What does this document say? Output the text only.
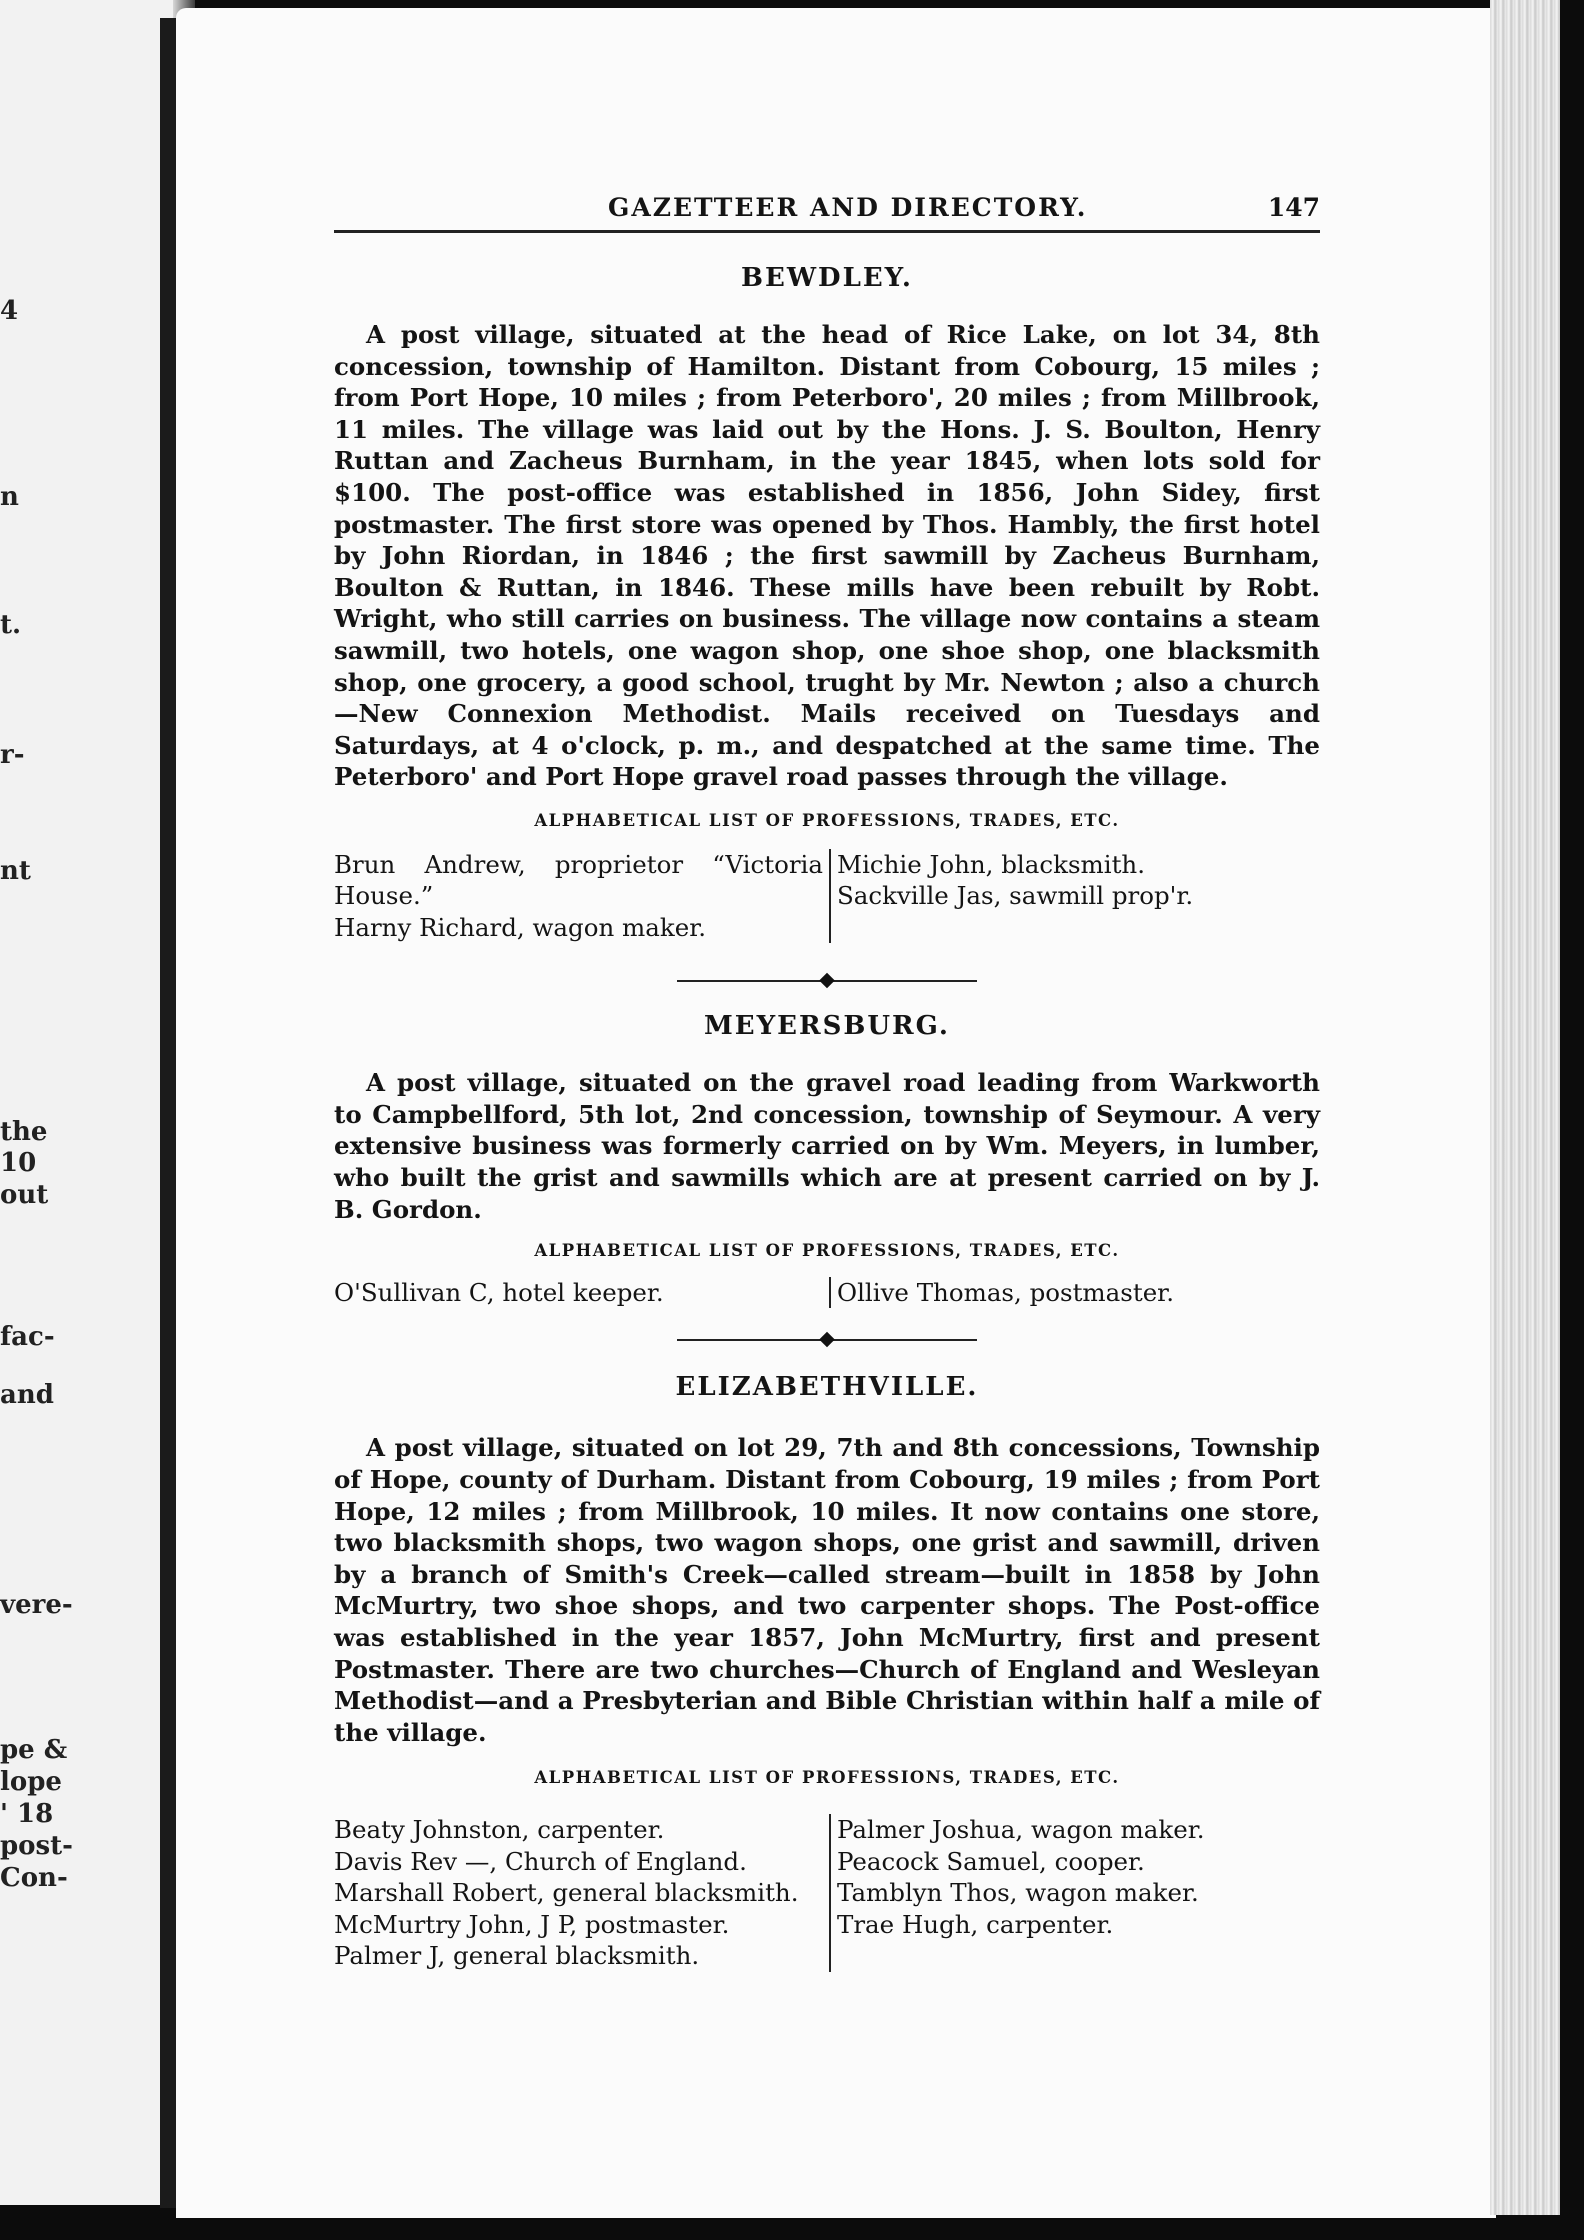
4
n
t.
r-
nt
the
10
out
fac-
and
vere-
pe &
lope
' 18
post-
Con-
GAZETTEER AND DIRECTORY.	147
BEWDLEY.

A post village, situated at the head of Rice Lake, on lot 34, 8th concession, township of Hamilton. Distant from Cobourg, 15 miles ; from Port Hope, 10 miles ; from Peterboro', 20 miles ; from Millbrook, 11 miles. The village was laid out by the Hons. J. S. Boulton, Henry Ruttan and Zacheus Burnham, in the year 1845, when lots sold for $100. The post-office was established in 1856, John Sidey, first postmaster. The first store was opened by Thos. Hambly, the first hotel by John Riordan, in 1846 ; the first sawmill by Zacheus Burnham, Boulton & Ruttan, in 1846. These mills have been rebuilt by Robt. Wright, who still carries on business. The village now contains a steam sawmill, two hotels, one wagon shop, one shoe shop, one blacksmith shop, one grocery, a good school, trught by Mr. Newton ; also a church—New Connexion Methodist. Mails received on Tuesdays and Saturdays, at 4 o'clock, p. m., and despatched at the same time. The Peterboro' and Port Hope gravel road passes through the village.

ALPHABETICAL LIST OF PROFESSIONS, TRADES, ETC.

Brun Andrew, proprietor “Victoria House.”
Harny Richard, wagon maker.
Michie John, blacksmith.
Sackville Jas, sawmill prop'r.
MEYERSBURG.

A post village, situated on the gravel road leading from Warkworth to Campbellford, 5th lot, 2nd concession, township of Seymour. A very extensive business was formerly carried on by Wm. Meyers, in lumber, who built the grist and sawmills which are at present carried on by J. B. Gordon.

ALPHABETICAL LIST OF PROFESSIONS, TRADES, ETC.

O'Sullivan C, hotel keeper.	Ollive Thomas, postmaster.
ELIZABETHVILLE.

A post village, situated on lot 29, 7th and 8th concessions, Township of Hope, county of Durham. Distant from Cobourg, 19 miles ; from Port Hope, 12 miles ; from Millbrook, 10 miles. It now contains one store, two blacksmith shops, two wagon shops, one grist and sawmill, driven by a branch of Smith's Creek—called stream—built in 1858 by John McMurtry, two shoe shops, and two carpenter shops. The Post-office was established in the year 1857, John McMurtry, first and present Postmaster. There are two churches—Church of England and Wesleyan Methodist—and a Presbyterian and Bible Christian within half a mile of the village.

ALPHABETICAL LIST OF PROFESSIONS, TRADES, ETC.

Beaty Johnston, carpenter.
Davis Rev —, Church of England.
Marshall Robert, general blacksmith.
McMurtry John, J P, postmaster.
Palmer J, general blacksmith.
Palmer Joshua, wagon maker.
Peacock Samuel, cooper.
Tamblyn Thos, wagon maker.
Trae Hugh, carpenter.
